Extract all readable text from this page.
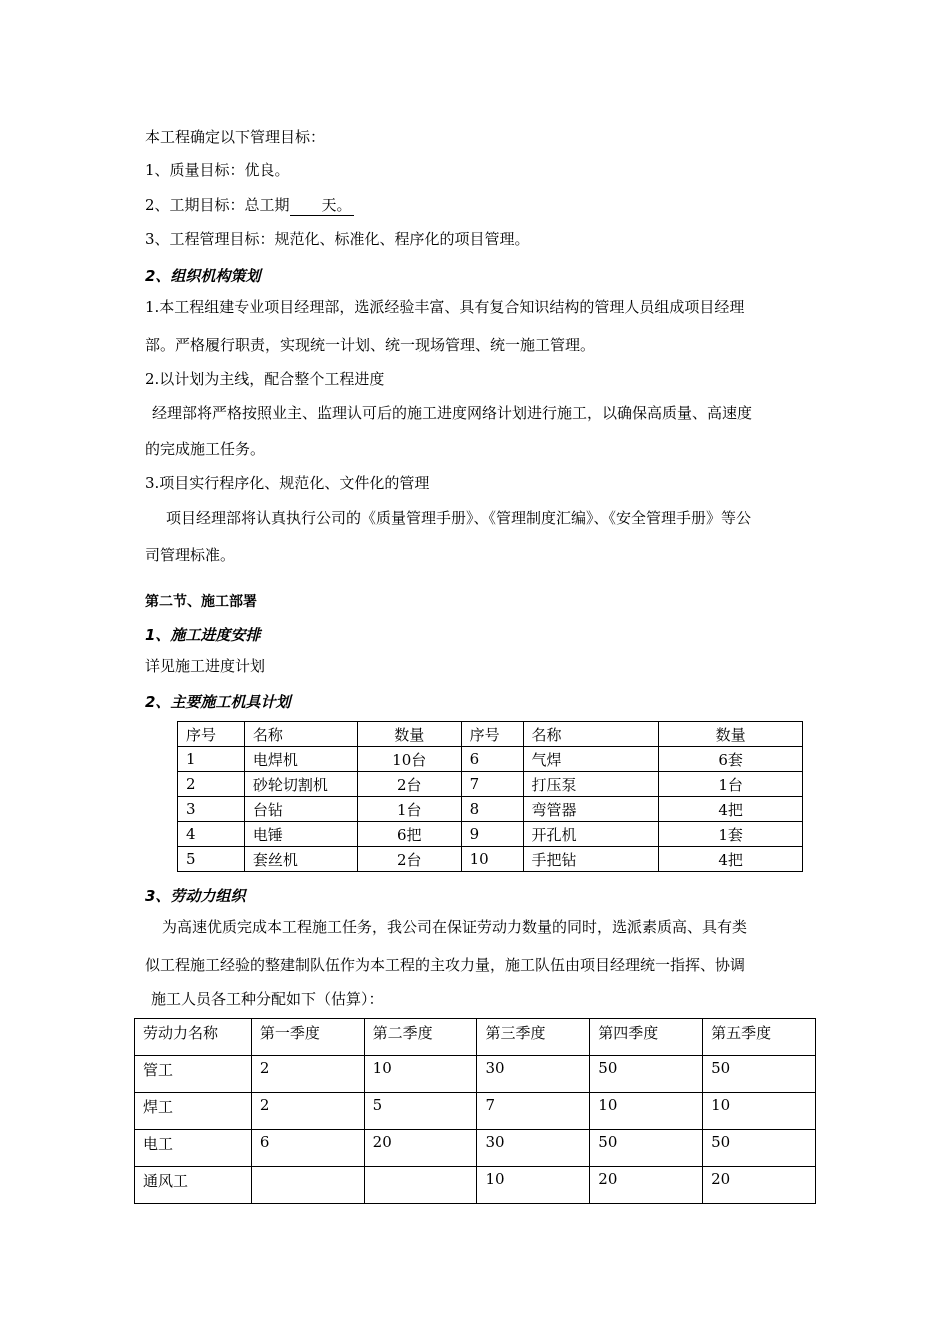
本工程确定以下管理目标：
1、质量目标：优良。
2、工期目标：总工期 天。
3、工程管理目标：规范化、标准化、程序化的项目管理。
2、组织机构策划
1.本工程组建专业项目经理部，选派经验丰富、具有复合知识结构的管理人员组成项目经理
部。严格履行职责，实现统一计划、统一现场管理、统一施工管理。
2.以计划为主线，配合整个工程进度
经理部将严格按照业主、监理认可后的施工进度网络计划进行施工，以确保高质量、高速度
的完成施工任务。
3.项目实行程序化、规范化、文件化的管理
项目经理部将认真执行公司的《质量管理手册》、《管理制度汇编》、《安全管理手册》等公
司管理标准。
第二节、施工部署
1、施工进度安排
详见施工进度计划
2、主要施工机具计划
序号	名称	数量	序号	名称	数量
1	电焊机	10台	6	气焊	6套
2	砂轮切割机	2台	7	打压泵	1台
3	台钻	1台	8	弯管器	4把
4	电锤	6把	9	开孔机	1套
5	套丝机	2台	10	手把钻	4把
3、劳动力组织
为高速优质完成本工程施工任务，我公司在保证劳动力数量的同时，选派素质高、具有类
似工程施工经验的整建制队伍作为本工程的主攻力量，施工队伍由项目经理统一指挥、协调
施工人员各工种分配如下（估算）：
劳动力名称	第一季度	第二季度	第三季度	第四季度	第五季度
管工	2	10	30	50	50
焊工	2	5	7	10	10
电工	6	20	30	50	50
通风工			10	20	20
